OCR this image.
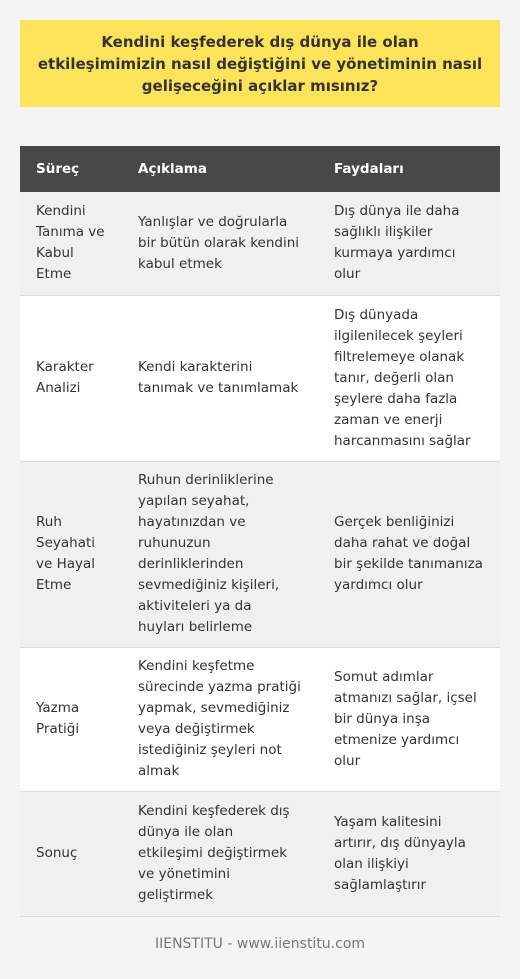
Kendini keşfederek dış dünya ile olan etkileşimimizin nasıl değiştiğini ve yönetiminin nasıl gelişeceğini açıklar mısınız?
Süreç	Açıklama	Faydaları
Kendini Tanıma ve Kabul Etme	Yanlışlar ve doğrularla bir bütün olarak kendini kabul etmek	Dış dünya ile daha sağlıklı ilişkiler kurmaya yardımcı olur
Karakter Analizi	Kendi karakterini tanımak ve tanımlamak	Dış dünyada ilgilenilecek şeyleri filtrelemeye olanak tanır, değerli olan şeylere daha fazla zaman ve enerji harcanmasını sağlar
Ruh Seyahati ve Hayal Etme	Ruhun derinliklerine yapılan seyahat, hayatınızdan ve ruhunuzun derinliklerinden sevmediğiniz kişileri, aktiviteleri ya da huyları belirleme	Gerçek benliğinizi daha rahat ve doğal bir şekilde tanımanıza yardımcı olur
Yazma Pratiği	Kendini keşfetme sürecinde yazma pratiği yapmak, sevmediğiniz veya değiştirmek istediğiniz şeyleri not almak	Somut adımlar atmanızı sağlar, içsel bir dünya inşa etmenize yardımcı olur
Sonuç	Kendini keşfederek dış dünya ile olan etkileşimi değiştirmek ve yönetimini geliştirmek	Yaşam kalitesini artırır, dış dünyayla olan ilişkiyi sağlamlaştırır
IIENSTITU - www.iienstitu.com
